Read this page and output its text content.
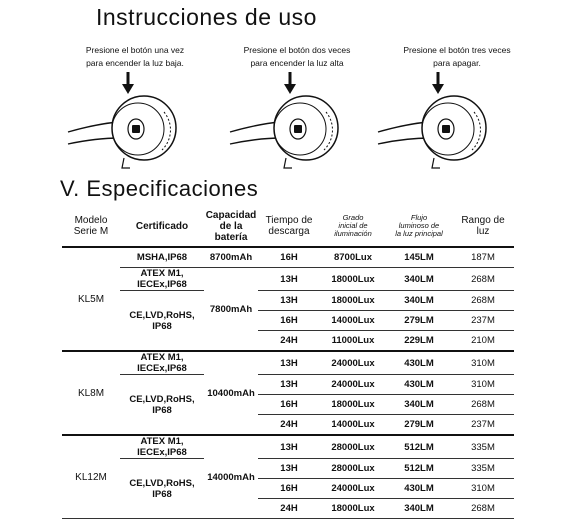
Instrucciones de uso
Presione el botón una vez
para encender la luz baja.
Presione el botón dos veces
para encender la luz alta
Presione el botón tres veces
para apagar.
V. Especificaciones
Modelo
Serie M	Certificado	Capacidad
de la
batería	Tiempo de
descarga	Grado
inicial de
iluminación	Flujo
luminoso de
la luz principal	Rango de
luz

KL5M	MSHA,IP68	8700mAh	16H	8700Lux	145LM	187M

	ATEX M1,
IECEx,IP68	7800mAh	13H	18000Lux	340LM	268M

	CE,LVD,RoHS,
IP68		13H	18000Lux	340LM	268M
			16H	14000Lux	279LM	237M
			24H	11000Lux	229LM	210M
KL8M	ATEX M1,
IECEx,IP68	10400mAh	13H	24000Lux	430LM	310M

	CE,LVD,RoHS,
IP68		13H	24000Lux	430LM	310M
			16H	18000Lux	340LM	268M
			24H	14000Lux	279LM	237M
KL12M	ATEX M1,
IECEx,IP68	14000mAh	13H	28000Lux	512LM	335M

	CE,LVD,RoHS,
IP68		13H	28000Lux	512LM	335M
			16H	24000Lux	430LM	310M
			24H	18000Lux	340LM	268M
